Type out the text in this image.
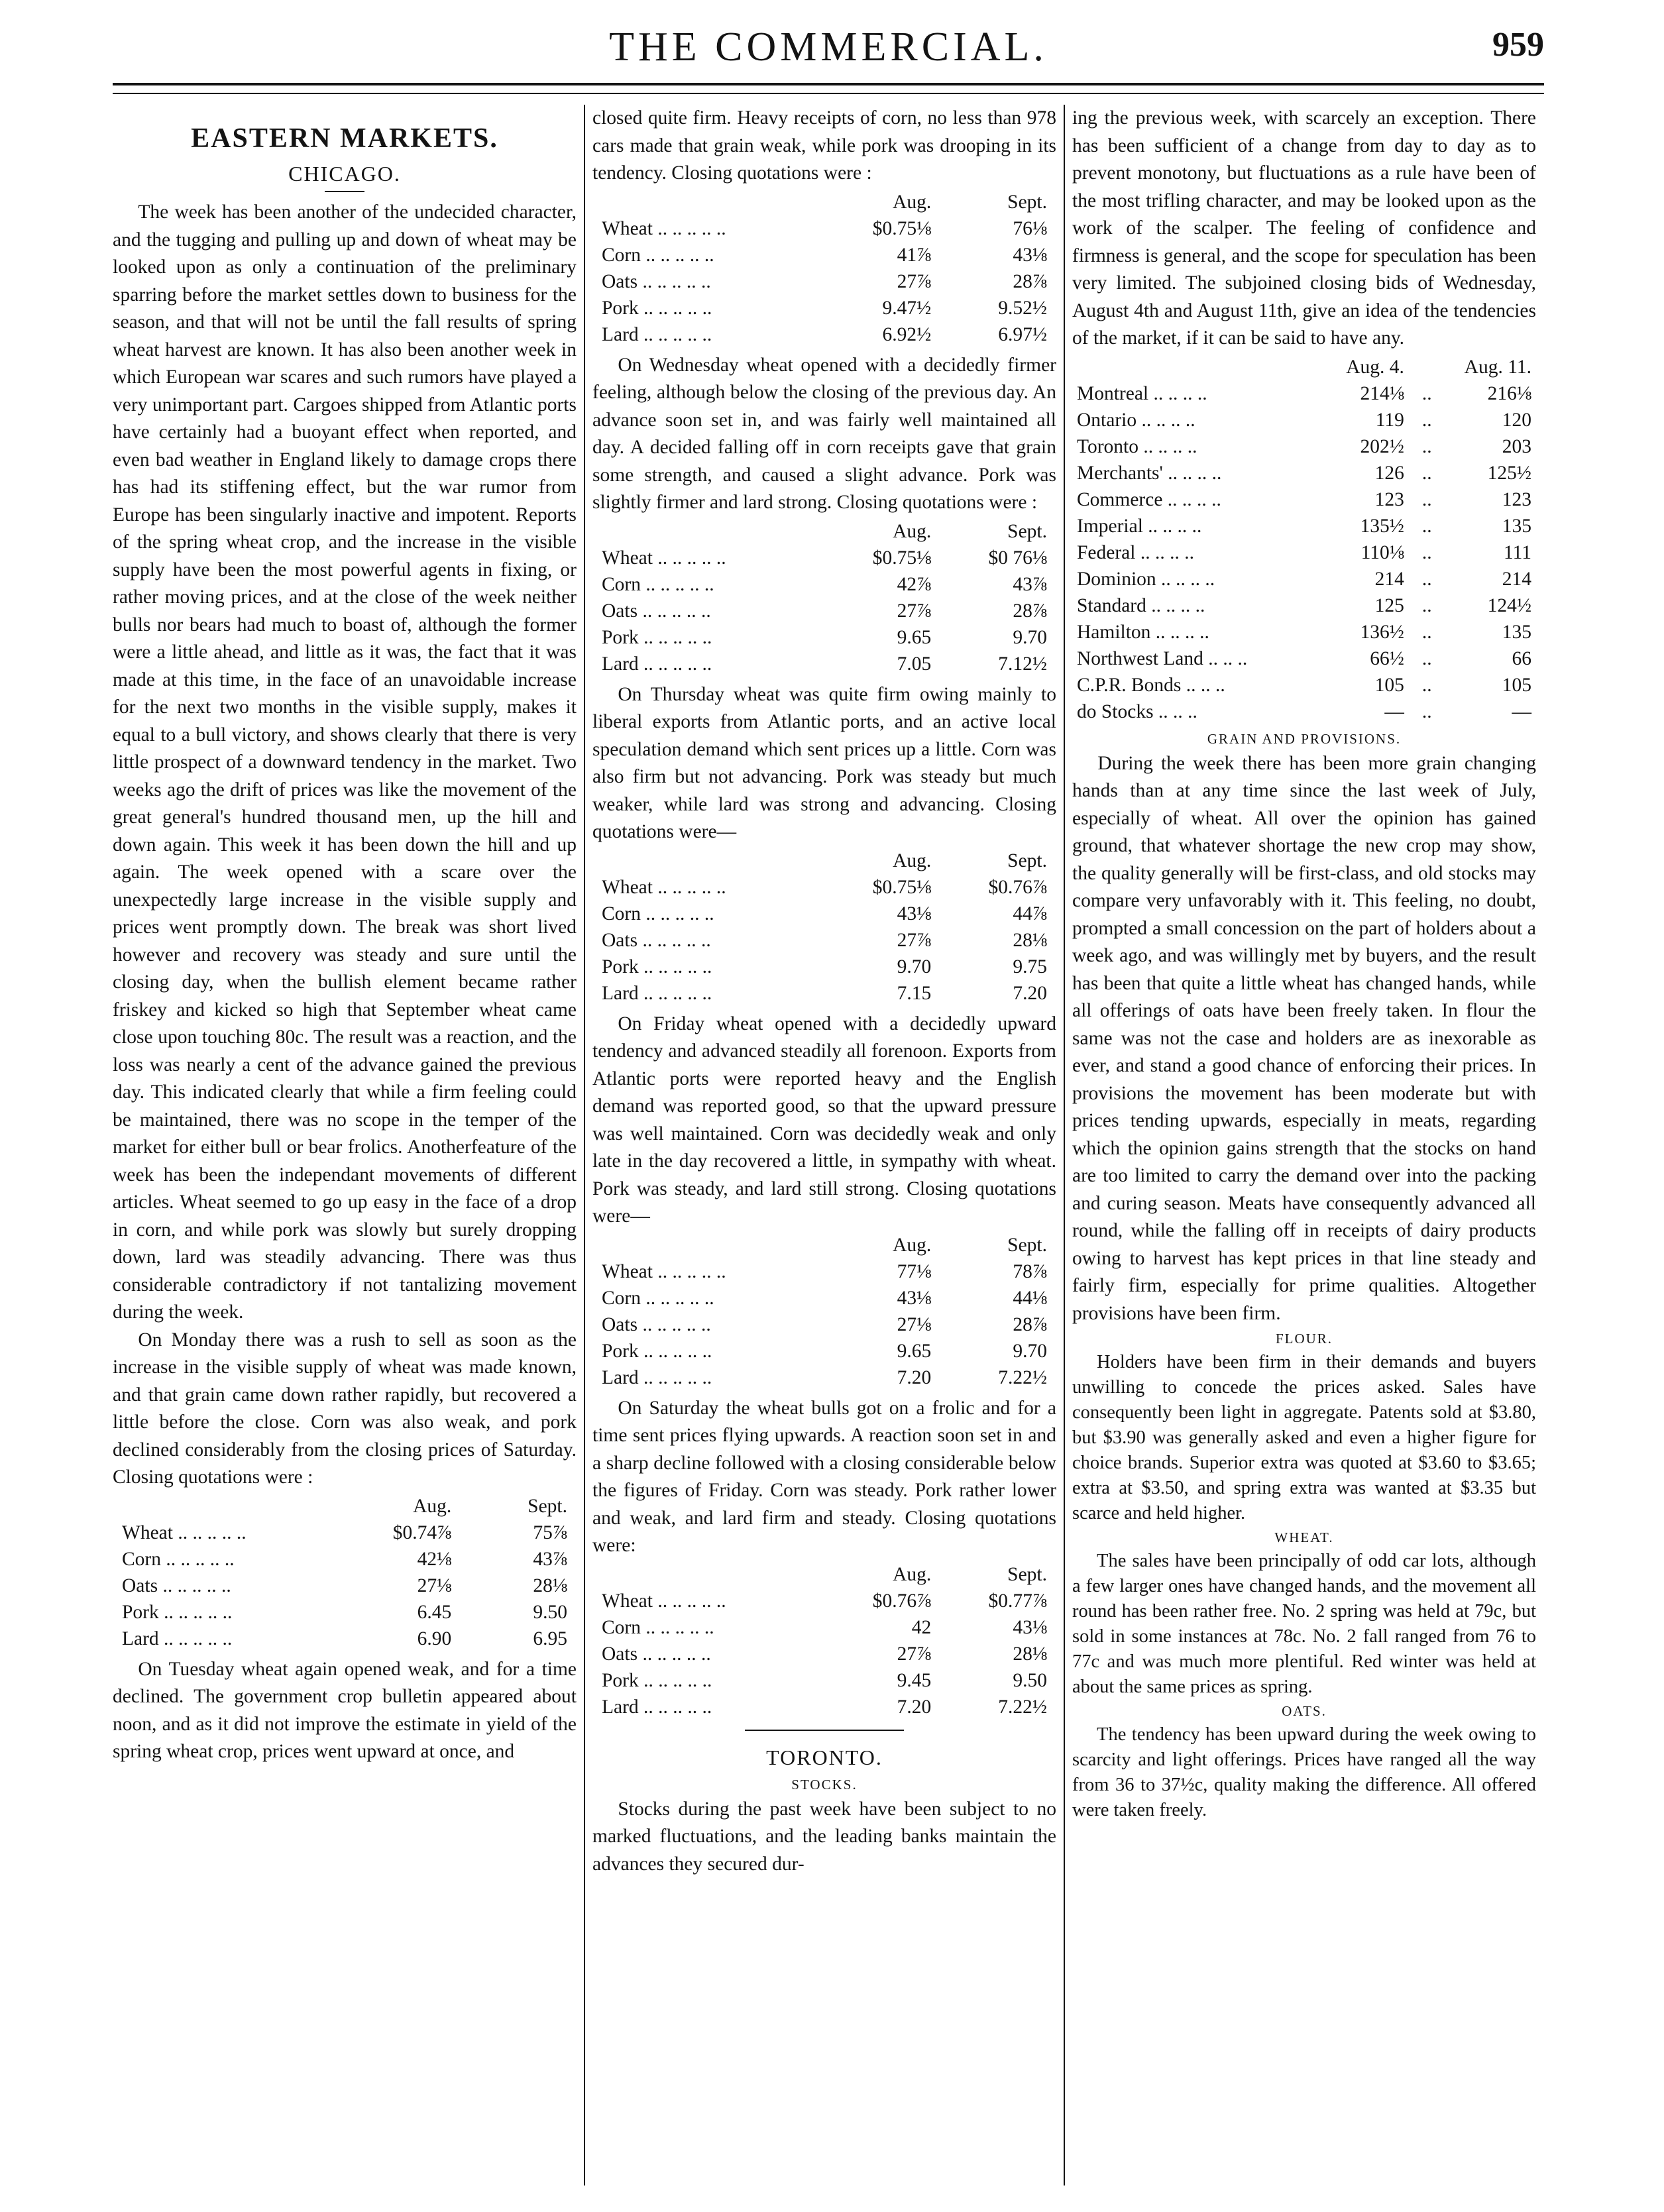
THE COMMERCIAL.	959
EASTERN MARKETS.
CHICAGO.

The week has been another of the undecided character, and the tugging and pulling up and down of wheat may be looked upon as only a continuation of the preliminary sparring before the market settles down to business for the season, and that will not be until the fall results of spring wheat harvest are known. It has also been another week in which European war scares and such rumors have played a very unimportant part. Cargoes shipped from Atlantic ports have certainly had a buoyant effect when reported, and even bad weather in England likely to damage crops there has had its stiffening effect, but the war rumor from Europe has been singularly inactive and impotent. Reports of the spring wheat crop, and the increase in the visible supply have been the most powerful agents in fixing, or rather moving prices, and at the close of the week neither bulls nor bears had much to boast of, although the former were a little ahead, and little as it was, the fact that it was made at this time, in the face of an unavoidable increase for the next two months in the visible supply, makes it equal to a bull victory, and shows clearly that there is very little prospect of a downward tendency in the market. Two weeks ago the drift of prices was like the movement of the great general's hundred thousand men, up the hill and down again. This week it has been down the hill and up again. The week opened with a scare over the unexpectedly large increase in the visible supply and prices went promptly down. The break was short lived however and recovery was steady and sure until the closing day, when the bullish element became rather friskey and kicked so high that September wheat came close upon touching 80c. The result was a reaction, and the loss was nearly a cent of the advance gained the previous day. This indicated clearly that while a firm feeling could be maintained, there was no scope in the temper of the market for either bull or bear frolics. Anotherfeature of the week has been the independant movements of different articles. Wheat seemed to go up easy in the face of a drop in corn, and while pork was slowly but surely dropping down, lard was steadily advancing. There was thus considerable contradictory if not tantalizing movement during the week.

On Monday there was a rush to sell as soon as the increase in the visible supply of wheat was made known, and that grain came down rather rapidly, but recovered a little before the close. Corn was also weak, and pork declined considerably from the closing prices of Saturday. Closing quotations were :

	Aug.	Sept.
Wheat .. .. .. .. ..	$0.74⅞	75⅞
Corn .. .. .. .. ..	42⅛	43⅞
Oats .. .. .. .. ..	27⅛	28⅛
Pork .. .. .. .. ..	6.45	9.50
Lard .. .. .. .. ..	6.90	6.95

On Tuesday wheat again opened weak, and for a time declined. The government crop bulletin appeared about noon, and as it did not improve the estimate in yield of the spring wheat crop, prices went upward at once, and

closed quite firm. Heavy receipts of corn, no less than 978 cars made that grain weak, while pork was drooping in its tendency. Closing quotations were :

	Aug.	Sept.
Wheat .. .. .. .. ..	$0.75⅛	76⅛
Corn .. .. .. .. ..	41⅞	43⅛
Oats .. .. .. .. ..	27⅞	28⅞
Pork .. .. .. .. ..	9.47½	9.52½
Lard .. .. .. .. ..	6.92½	6.97½

On Wednesday wheat opened with a decidedly firmer feeling, although below the closing of the previous day. An advance soon set in, and was fairly well maintained all day. A decided falling off in corn receipts gave that grain some strength, and caused a slight advance. Pork was slightly firmer and lard strong. Closing quotations were :

	Aug.	Sept.
Wheat .. .. .. .. ..	$0.75⅛	$0 76⅛
Corn .. .. .. .. ..	42⅞	43⅞
Oats .. .. .. .. ..	27⅞	28⅞
Pork .. .. .. .. ..	9.65	9.70
Lard .. .. .. .. ..	7.05	7.12½

On Thursday wheat was quite firm owing mainly to liberal exports from Atlantic ports, and an active local speculation demand which sent prices up a little. Corn was also firm but not advancing. Pork was steady but much weaker, while lard was strong and advancing. Closing quotations were—

	Aug.	Sept.
Wheat .. .. .. .. ..	$0.75⅛	$0.76⅞
Corn .. .. .. .. ..	43⅛	44⅞
Oats .. .. .. .. ..	27⅞	28⅛
Pork .. .. .. .. ..	9.70	9.75
Lard .. .. .. .. ..	7.15	7.20

On Friday wheat opened with a decidedly upward tendency and advanced steadily all forenoon. Exports from Atlantic ports were reported heavy and the English demand was reported good, so that the upward pressure was well maintained. Corn was decidedly weak and only late in the day recovered a little, in sympathy with wheat. Pork was steady, and lard still strong. Closing quotations were—

	Aug.	Sept.
Wheat .. .. .. .. ..	77⅛	78⅞
Corn .. .. .. .. ..	43⅛	44⅛
Oats .. .. .. .. ..	27⅛	28⅞
Pork .. .. .. .. ..	9.65	9.70
Lard .. .. .. .. ..	7.20	7.22½

On Saturday the wheat bulls got on a frolic and for a time sent prices flying upwards. A reaction soon set in and a sharp decline followed with a closing considerable below the figures of Friday. Corn was steady. Pork rather lower and weak, and lard firm and steady. Closing quotations were:

	Aug.	Sept.
Wheat .. .. .. .. ..	$0.76⅞	$0.77⅞
Corn .. .. .. .. ..	42	43⅛
Oats .. .. .. .. ..	27⅞	28⅛
Pork .. .. .. .. ..	9.45	9.50
Lard .. .. .. .. ..	7.20	7.22½
TORONTO.
STOCKS.

Stocks during the past week have been subject to no marked fluctuations, and the leading banks maintain the advances they secured dur-

ing the previous week, with scarcely an exception. There has been sufficient of a change from day to day as to prevent monotony, but fluctuations as a rule have been of the most trifling character, and may be looked upon as the work of the scalper. The feeling of confidence and firmness is general, and the scope for speculation has been very limited. The subjoined closing bids of Wednesday, August 4th and August 11th, give an idea of the tendencies of the market, if it can be said to have any.

	Aug. 4.		Aug. 11.
Montreal .. .. .. ..	214⅛	..	216⅛
Ontario .. .. .. ..	119	..	120
Toronto .. .. .. ..	202½	..	203
Merchants' .. .. .. ..	126	..	125½
Commerce .. .. .. ..	123	..	123
Imperial .. .. .. ..	135½	..	135
Federal .. .. .. ..	110⅛	..	111
Dominion .. .. .. ..	214	..	214
Standard .. .. .. ..	125	..	124½
Hamilton .. .. .. ..	136½	..	135
Northwest Land .. .. ..	66½	..	66
C.P.R. Bonds .. .. ..	105	..	105
do Stocks .. .. ..	—	..	—
GRAIN AND PROVISIONS.

During the week there has been more grain changing hands than at any time since the last week of July, especially of wheat. All over the opinion has gained ground, that whatever shortage the new crop may show, the quality generally will be first-class, and old stocks may compare very unfavorably with it. This feeling, no doubt, prompted a small concession on the part of holders about a week ago, and was willingly met by buyers, and the result has been that quite a little wheat has changed hands, while all offerings of oats have been freely taken. In flour the same was not the case and holders are as inexorable as ever, and stand a good chance of enforcing their prices. In provisions the movement has been moderate but with prices tending upwards, especially in meats, regarding which the opinion gains strength that the stocks on hand are too limited to carry the demand over into the packing and curing season. Meats have consequently advanced all round, while the falling off in receipts of dairy products owing to harvest has kept prices in that line steady and fairly firm, especially for prime qualities. Altogether provisions have been firm.

FLOUR.

Holders have been firm in their demands and buyers unwilling to concede the prices asked. Sales have consequently been light in aggregate. Patents sold at $3.80, but $3.90 was generally asked and even a higher figure for choice brands. Superior extra was quoted at $3.60 to $3.65; extra at $3.50, and spring extra was wanted at $3.35 but scarce and held higher.

WHEAT.

The sales have been principally of odd car lots, although a few larger ones have changed hands, and the movement all round has been rather free. No. 2 spring was held at 79c, but sold in some instances at 78c. No. 2 fall ranged from 76 to 77c and was much more plentiful. Red winter was held at about the same prices as spring.

OATS.

The tendency has been upward during the week owing to scarcity and light offerings. Prices have ranged all the way from 36 to 37½c, quality making the difference. All offered were taken freely.
